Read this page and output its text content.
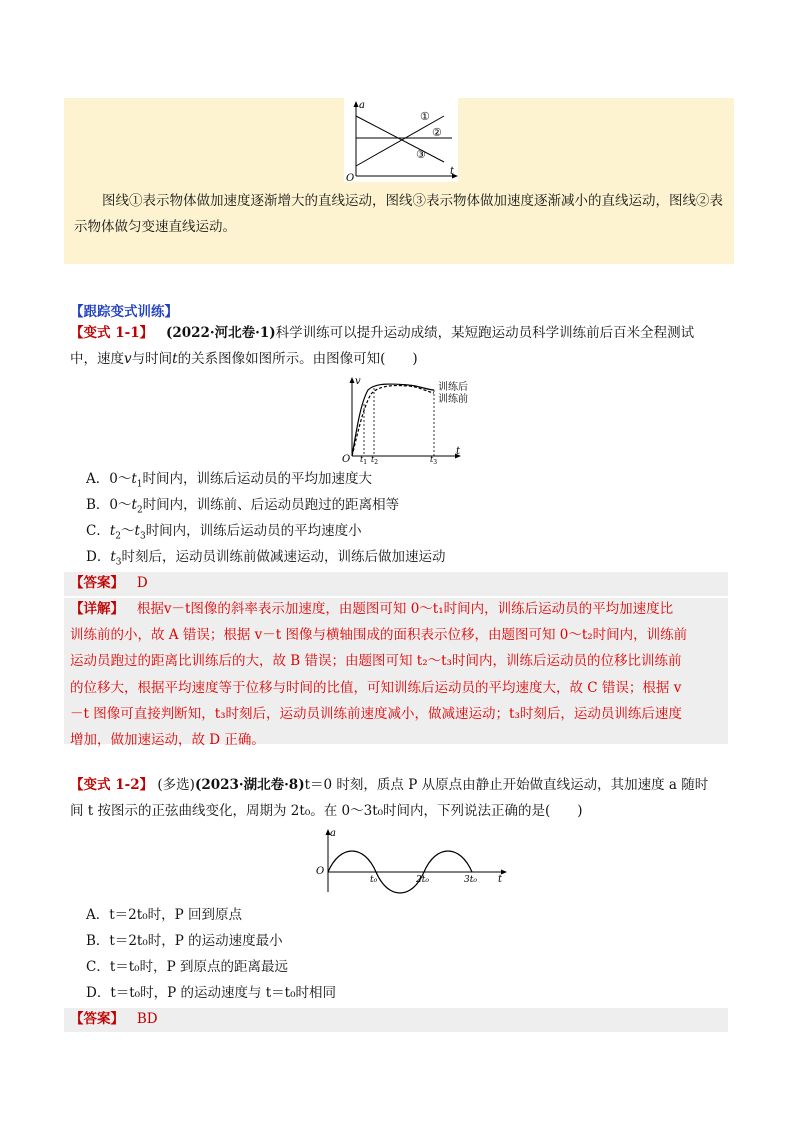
a
t
O
①
②
③
图线①表示物体做加速度逐渐增大的直线运动，图线③表示物体做加速度逐渐减小的直线运动，图线②表示物体做匀变速直线运动。
【跟踪变式训练】
【变式 1-1】 (2022·河北卷·1)科学训练可以提升运动成绩，某短跑运动员科学训练前后百米全程测试
中，速度v与时间t的关系图像如图所示。由图像可知(　　)
v
t
O $t_1$ $t_2$	$t_3$
训练后
训练前
A．$0\sim t_1$时间内，训练后运动员的平均加速度大
B．$0\sim t_2$时间内，训练前、后运动员跑过的距离相等
C．$t_2\sim t_3$时间内，训练后运动员的平均速度小
D．$t_3$时刻后，运动员训练前做减速运动，训练后做加速运动
【答案】 D
【详解】 根据v－t图像的斜率表示加速度，由题图可知 0～t₁时间内，训练后运动员的平均加速度比
训练前的小，故 A 错误；根据 v－t 图像与横轴围成的面积表示位移，由题图可知 0～t₂时间内，训练前
运动员跑过的距离比训练后的大，故 B 错误；由题图可知 t₂～t₃时间内，训练后运动员的位移比训练前
的位移大，根据平均速度等于位移与时间的比值，可知训练后运动员的平均速度大，故 C 错误；根据 v
－t 图像可直接判断知，t₃时刻后，运动员训练前速度减小，做减速运动；t₃时刻后，运动员训练后速度
增加，做加速运动，故 D 正确。
【变式 1-2】 (多选)(2023·湖北卷·8)t＝0 时刻，质点 P 从原点由静止开始做直线运动，其加速度 a 随时
间 t 按图示的正弦曲线变化，周期为 2t₀。在 0～3t₀时间内，下列说法正确的是(　　)
a
O
t
t₀	2t₀	3t₀
A．t＝2t₀时，P 回到原点
B．t＝2t₀时，P 的运动速度最小
C．t＝t₀时，P 到原点的距离最远
D．t＝t₀时，P 的运动速度与 t＝t₀时相同
【答案】 BD
